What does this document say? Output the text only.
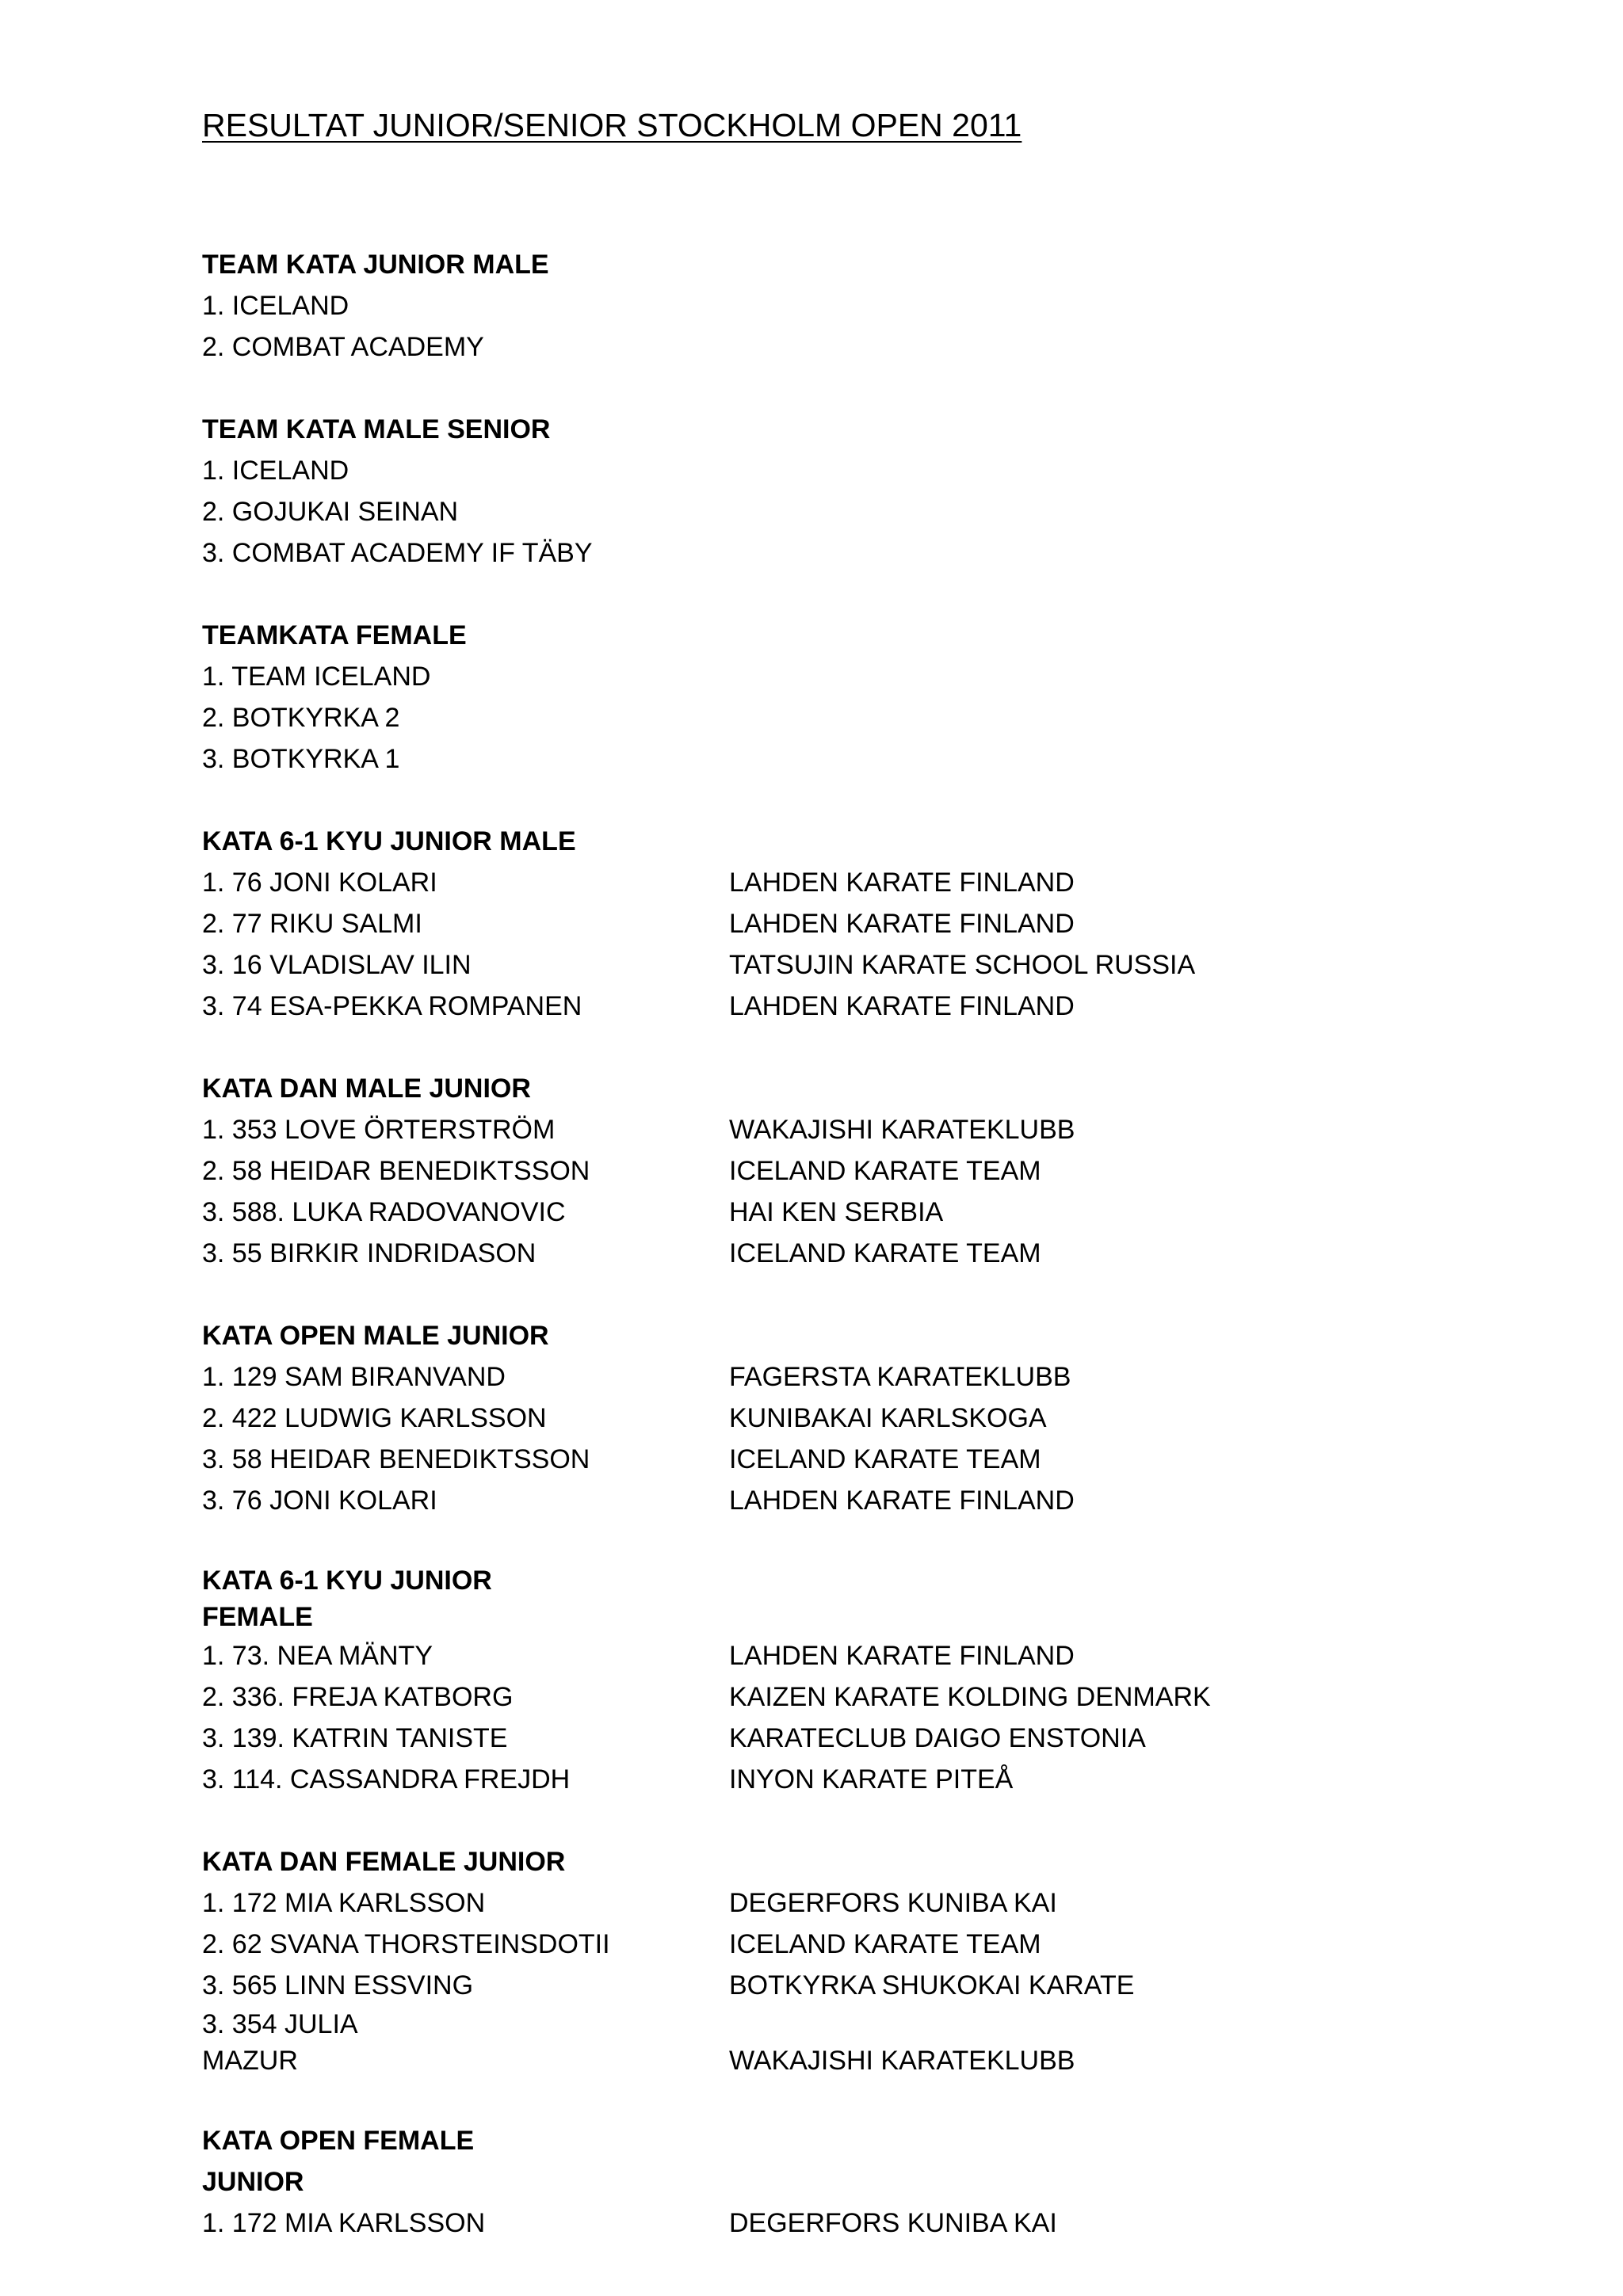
RESULTAT JUNIOR/SENIOR STOCKHOLM OPEN 2011
TEAM KATA JUNIOR MALE
1. ICELAND
2. COMBAT ACADEMY
TEAM KATA MALE SENIOR
1. ICELAND
2. GOJUKAI SEINAN
3. COMBAT ACADEMY IF TÄBY
TEAMKATA FEMALE
1. TEAM ICELAND
2. BOTKYRKA 2
3. BOTKYRKA 1
KATA 6-1 KYU JUNIOR MALE
1. 76 JONI KOLARI	LAHDEN KARATE FINLAND
2. 77 RIKU SALMI	LAHDEN KARATE FINLAND
3. 16 VLADISLAV ILIN	TATSUJIN KARATE SCHOOL RUSSIA
3. 74 ESA-PEKKA ROMPANEN	LAHDEN KARATE FINLAND
KATA DAN MALE JUNIOR
1. 353 LOVE ÖRTERSTRÖM	WAKAJISHI KARATEKLUBB
2. 58 HEIDAR BENEDIKTSSON	ICELAND KARATE TEAM
3. 588. LUKA RADOVANOVIC	HAI KEN SERBIA
3. 55 BIRKIR INDRIDASON	ICELAND KARATE TEAM
KATA OPEN MALE JUNIOR
1. 129 SAM BIRANVAND	FAGERSTA KARATEKLUBB
2. 422 LUDWIG KARLSSON	KUNIBAKAI KARLSKOGA
3. 58 HEIDAR BENEDIKTSSON	ICELAND KARATE TEAM
3. 76 JONI KOLARI	LAHDEN KARATE FINLAND
KATA 6-1 KYU JUNIOR FEMALE
1. 73. NEA MÄNTY	LAHDEN KARATE FINLAND
2. 336. FREJA KATBORG	KAIZEN KARATE KOLDING DENMARK
3. 139. KATRIN TANISTE	KARATECLUB DAIGO ENSTONIA
3. 114. CASSANDRA FREJDH	INYON KARATE PITEÅ
KATA DAN FEMALE JUNIOR
1. 172 MIA KARLSSON	DEGERFORS KUNIBA KAI
2. 62 SVANA THORSTEINSDOTII	ICELAND KARATE TEAM
3. 565 LINN ESSVING	BOTKYRKA SHUKOKAI KARATE
3. 354 JULIA MAZUR	WAKAJISHI KARATEKLUBB
KATA OPEN FEMALE JUNIOR
1. 172 MIA KARLSSON	DEGERFORS KUNIBA KAI
